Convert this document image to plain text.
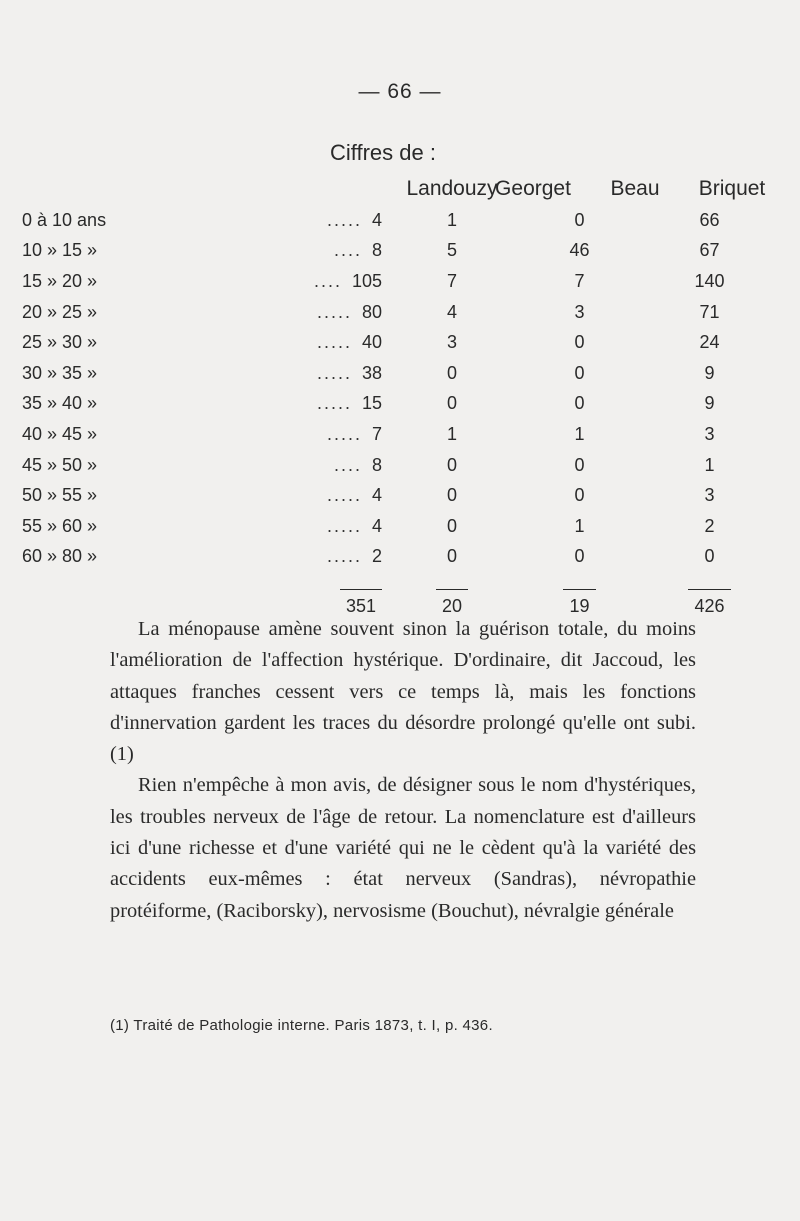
— 66 —
Ciffres de :
Landouzy
Georget Beau Briquet
0 à 10 ans	..... 4	1	0	66
10 » 15 »	.... 8	5	46	67
15 » 20 »	.... 105	7	7	140
20 » 25 »	..... 80	4	3	71
25 » 30 »	..... 40	3	0	24
30 » 35 »	..... 38	0	0	9
35 » 40 »	..... 15	0	0	9
40 » 45 »	..... 7	1	1	3
45 » 50 »	.... 8	0	0	1
50 » 55 »	..... 4	0	0	3
55 » 60 »	..... 4	0	1	2
60 » 80 »	..... 2	0	0	0
	351	20	19	426

La ménopause amène souvent sinon la guérison totale, du moins l'amélioration de l'affection hystérique. D'ordinaire, dit Jaccoud, les attaques franches cessent vers ce temps là, mais les fonctions d'innervation gardent les traces du désordre prolongé qu'elle ont subi. (1)

Rien n'empêche à mon avis, de désigner sous le nom d'hystériques, les troubles nerveux de l'âge de retour. La nomenclature est d'ailleurs ici d'une richesse et d'une variété qui ne le cèdent qu'à la variété des accidents eux-mêmes : état nerveux (Sandras), névropathie protéiforme, (Raciborsky), nervosisme (Bouchut), névralgie générale

(1) Traité de Pathologie interne. Paris 1873, t. I, p. 436.
